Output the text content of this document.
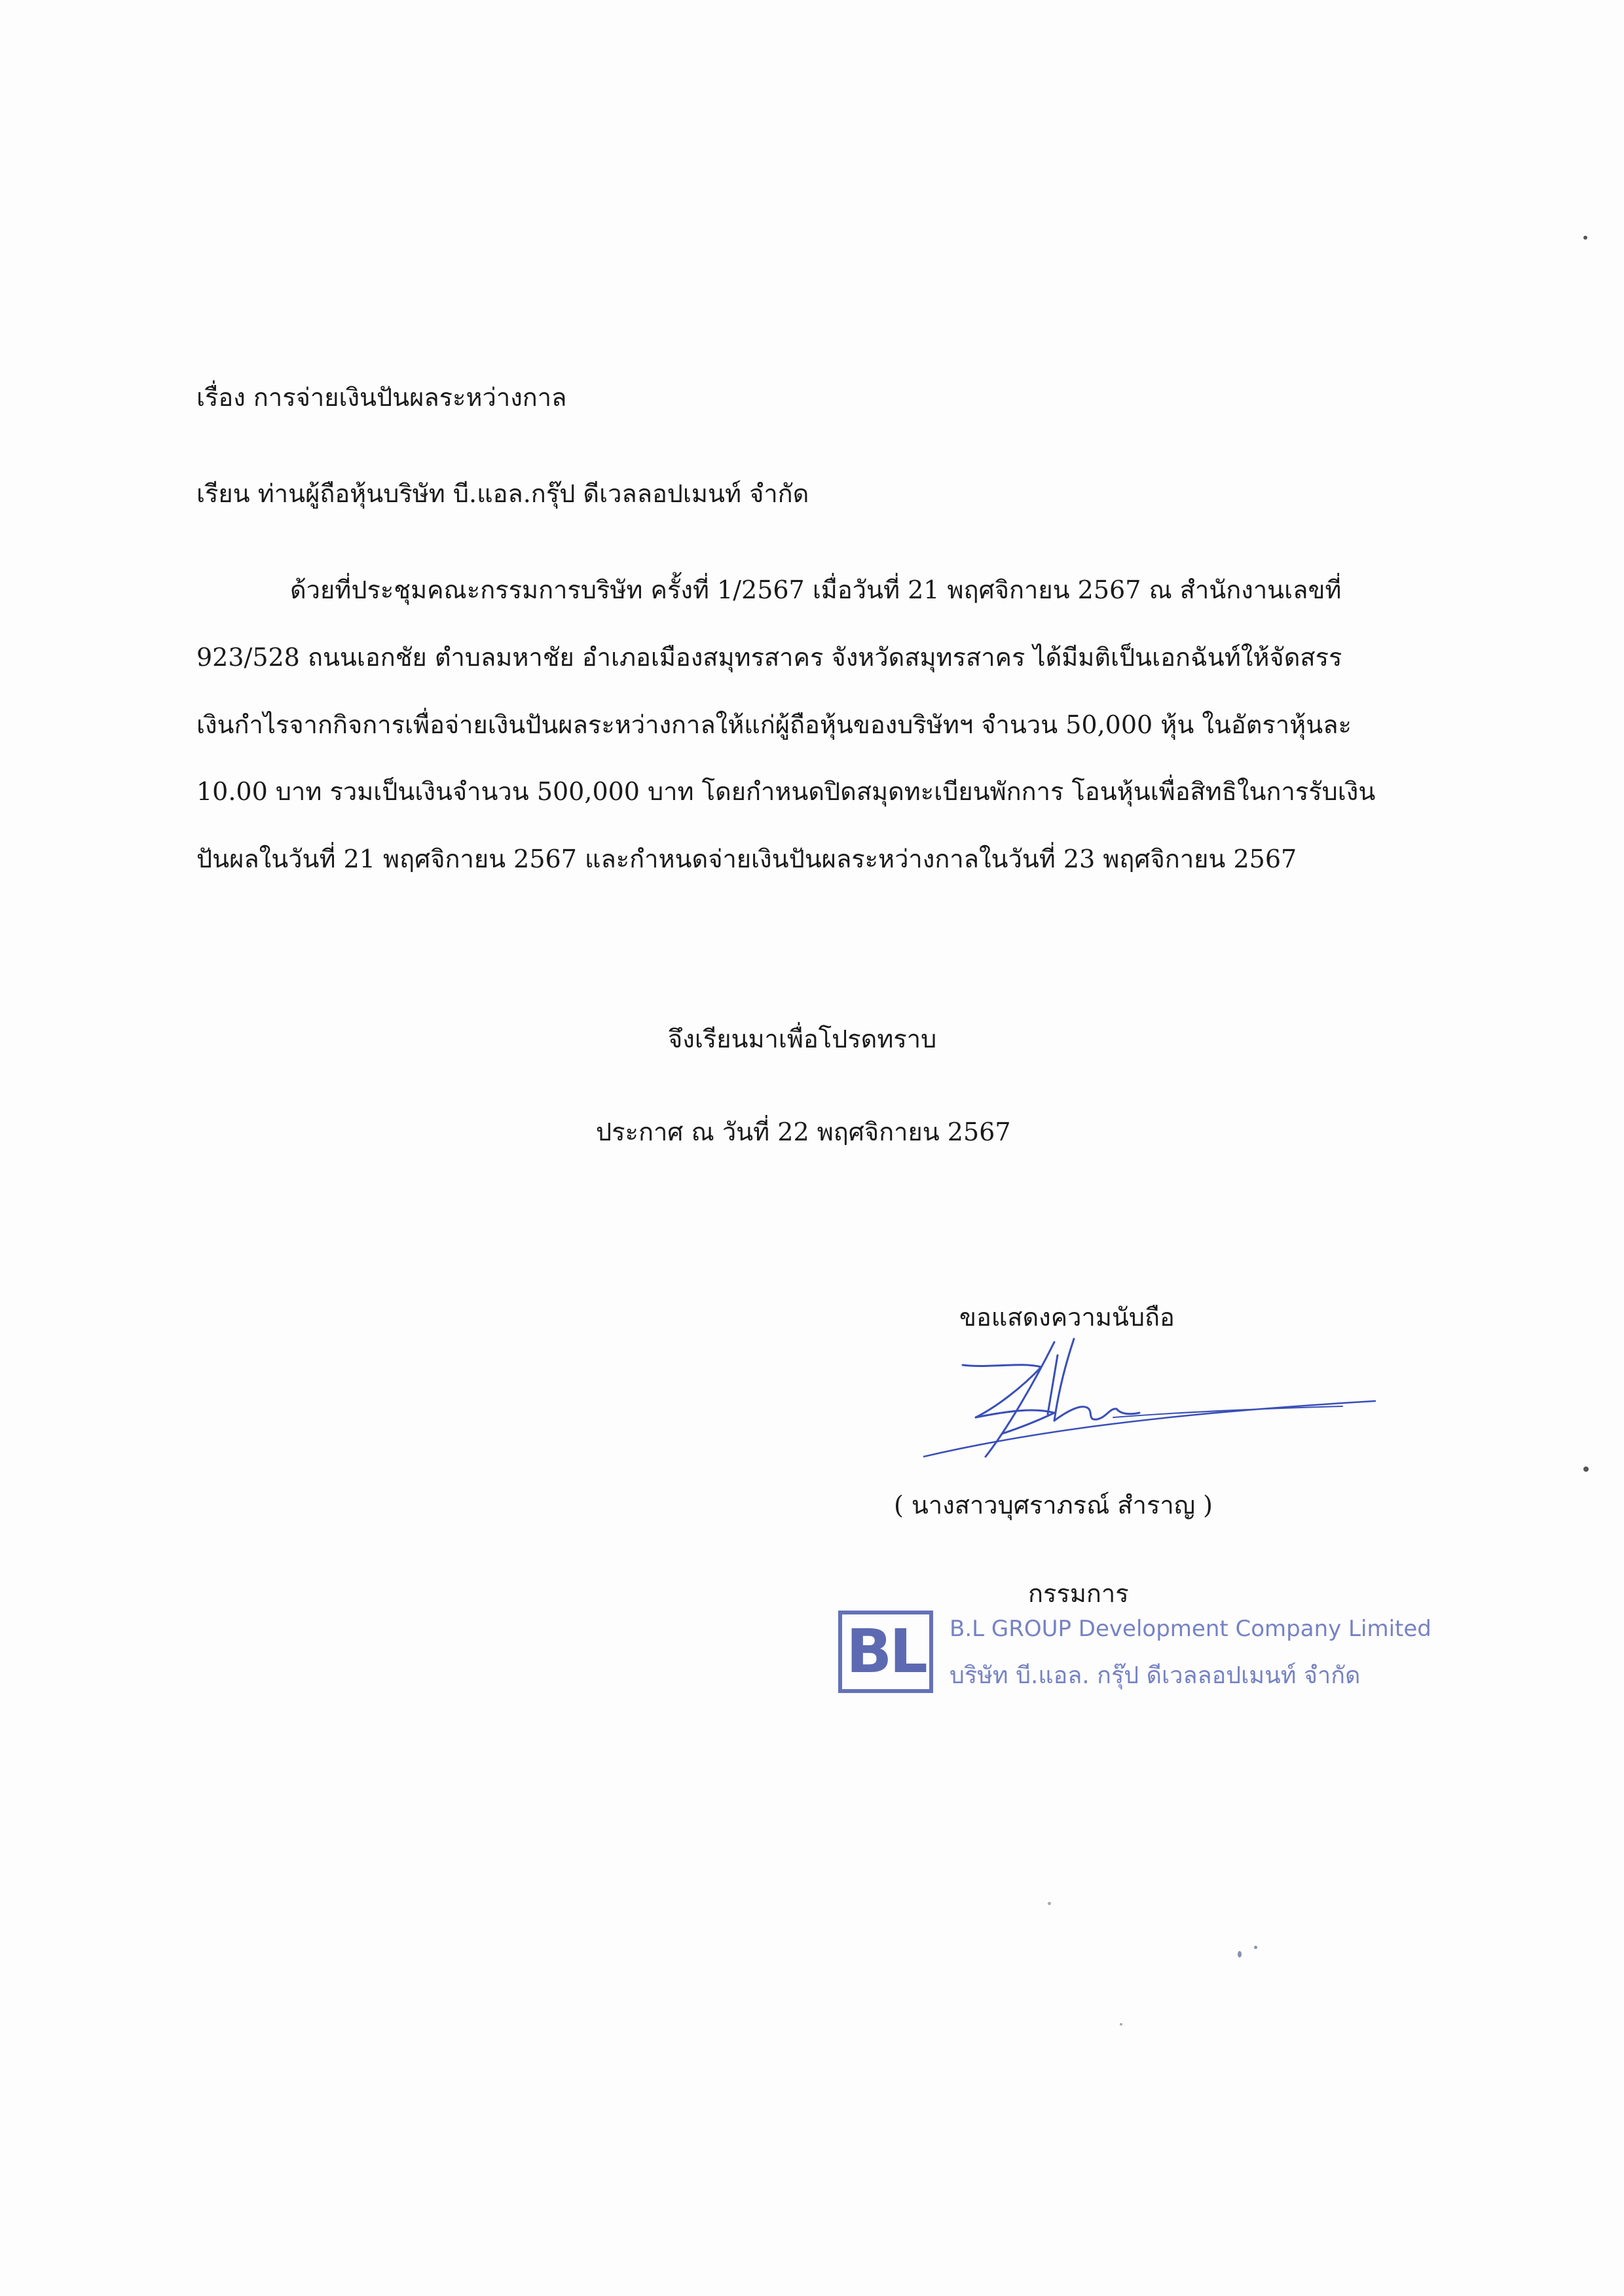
เรื่อง การจ่ายเงินปันผลระหว่างกาล
เรียน ท่านผู้ถือหุ้นบริษัท บี.แอล.กรุ๊ป ดีเวลลอปเมนท์ จำกัด
ด้วยที่ประชุมคณะกรรมการบริษัท ครั้งที่ 1/2567 เมื่อวันที่ 21 พฤศจิกายน 2567 ณ สำนักงานเลขที่
923/528 ถนนเอกชัย ตำบลมหาชัย อำเภอเมืองสมุทรสาคร จังหวัดสมุทรสาคร ได้มีมติเป็นเอกฉันท์ให้จัดสรร
เงินกำไรจากกิจการเพื่อจ่ายเงินปันผลระหว่างกาลให้แก่ผู้ถือหุ้นของบริษัทฯ จำนวน 50,000 หุ้น ในอัตราหุ้นละ
10.00 บาท รวมเป็นเงินจำนวน 500,000 บาท โดยกำหนดปิดสมุดทะเบียนพักการ โอนหุ้นเพื่อสิทธิในการรับเงิน
ปันผลในวันที่ 21 พฤศจิกายน 2567 และกำหนดจ่ายเงินปันผลระหว่างกาลในวันที่ 23 พฤศจิกายน 2567
จึงเรียนมาเพื่อโปรดทราบ
ประกาศ ณ วันที่ 22 พฤศจิกายน 2567
ขอแสดงความนับถือ
( นางสาวบุศราภรณ์ สำราญ )
กรรมการ
BL	B.L GROUP Development Company Limited
บริษัท บี.แอล. กรุ๊ป ดีเวลลอปเมนท์ จำกัด
